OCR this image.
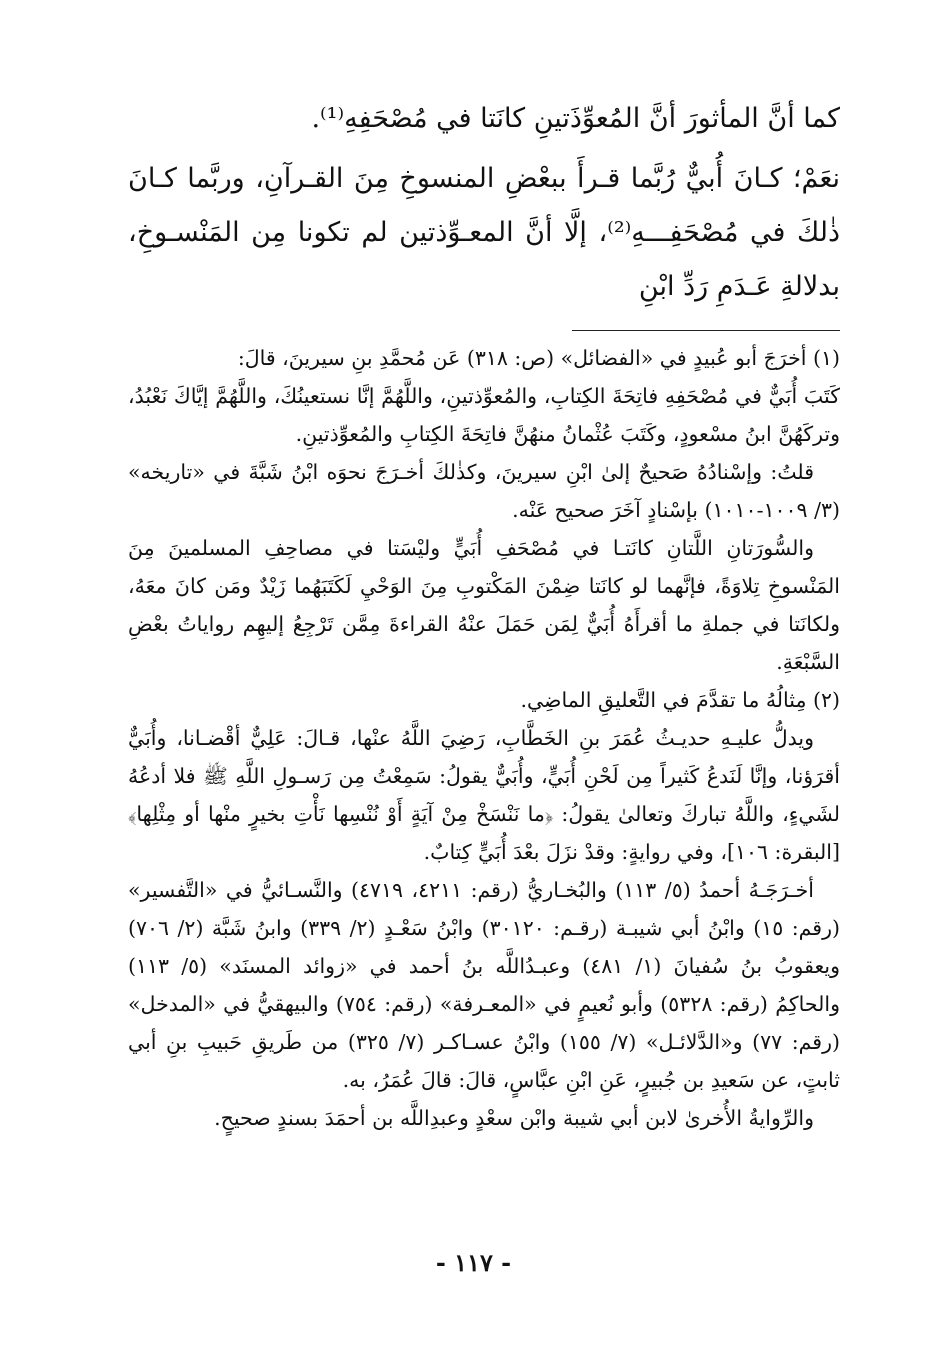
كما أنَّ المأثورَ أنَّ المُعوِّذَتينِ كانَتا في مُصْحَفِهِ⁽¹⁾.

نعَمْ؛ كـانَ أُبيٌّ رُبَّما قـرأَ ببعْضِ المنسوخِ مِنَ القـرآنِ، وربَّما كـانَ ذٰلكَ في مُصْحَفِـــهِ⁽²⁾، إلَّا أنَّ المعـوِّذتين لم تكونا مِن المَنْسـوخِ، بدلالةِ عَـدَمِ رَدِّ ابْنِ

(١) أخرَجَ أبو عُبيدٍ في «الفضائل» (ص: ٣١٨) عَن مُحمَّدِ بنِ سيرينَ، قالَ:

كَتَبَ أُبَيٌّ في مُصْحَفِهِ فاتِحَةَ الكِتابِ، والمُعوِّذتينِ، واللَّهُمَّ إنَّا نستعينُكَ، واللَّهُمَّ إيَّاكَ نَعْبُدُ، وتركَهُنَّ ابنُ مسْعودٍ، وكَتَبَ عُثْمانُ منهُنَّ فاتِحَةَ الكِتابِ والمُعوِّذتينِ.

قلتُ: وإسْنادُهُ صَحيحٌ إلىٰ ابْنِ سيرينَ، وكذٰلكَ أخـرَجَ نحوَه ابْنُ شَبَّةَ في «تاريخه» (٣/ ١٠٠٩-١٠١٠) بإسْنادٍ آخَرَ صحيح عَنْه.

والسُّورَتانِ اللَّتانِ كانَتـا في مُصْحَفِ أُبَيٍّ وليْسَتا في مصاحِفِ المسلمينَ مِنَ المَنْسوخِ تِلاوَةً، فإنَّهما لو كانَتا ضِمْنَ المَكْتوبِ مِنَ الوَحْيِ لَكَتَبَهُما زَيْدٌ ومَن كانَ معَهُ، ولكانَتا في جملةِ ما أقرأَهُ أُبَيٌّ لِمَن حَمَلَ عنْهُ القراءةَ مِمَّن تَرْجِعُ إليهِم رواياتُ بعْضِ السَّبْعَةِ.

(٢) مِثالُهُ ما تقدَّمَ في التَّعليقِ الماضِي.

ويدلُّ عليـهِ حديـثُ عُمَرَ بنِ الخَطَّابِ، رَضِيَ اللَّهُ عنْها، قـالَ: عَلِيٌّ أقْضـانا، وأُبَيٌّ أقرَؤنا، وإنَّا لَنَدعُ كَثيراً مِن لَحْنِ أُبَيٍّ، وأُبَيٌّ يقولُ: سَمِعْتُ مِن رَسـولِ اللَّهِ ﷺ فلا أدعُهُ لشَيءٍ، واللَّهُ تباركَ وتعالىٰ يقولُ: ﴿ما نَنْسَخْ مِنْ آيَةٍ أَوْ نُنْسِها نَأْتِ بخيرٍ منْها أو مِثْلِها﴾ [البقرة: ١٠٦]، وفي روايةٍ: وقدْ نزَلَ بعْدَ أُبَيٍّ كِتابٌ.

أخـرَجَـهُ أحمدُ (٥/ ١١٣) والبُخـاريُّ (رقم: ٤٢١١، ٤٧١٩) والنَّسـائيُّ في «التَّفسير» (رقم: ١٥) وابْنُ أبي شيبـة (رقـم: ٣٠١٢٠) وابْنُ سَعْـدٍ (٢/ ٣٣٩) وابنُ شَبَّة (٢/ ٧٠٦) ويعقوبُ بنُ سُفيانَ (١/ ٤٨١) وعبـدُاللَّه بنُ أحمد في «زوائد المسنَد» (٥/ ١١٣) والحاكِمُ (رقم: ٥٣٢٨) وأبو نُعيمٍ في «المعـرفة» (رقم: ٧٥٤) والبيهقيُّ في «المدخل» (رقم: ٧٧) و«الدَّلائـل» (٧/ ١٥٥) وابْنُ عسـاكـر (٧/ ٣٢٥) من طَريقِ حَبيبِ بنِ أبي ثابتٍ، عن سَعيدِ بن جُبيرٍ، عَنِ ابْنِ عبَّاسٍ، قالَ: قالَ عُمَرُ، به.

والرِّوايةُ الأُخرىٰ لابن أبي شيبة وابْن سعْدٍ وعبدِاللَّه بن أحمَدَ بسندٍ صحيحٍ.

- ١١٧ -
